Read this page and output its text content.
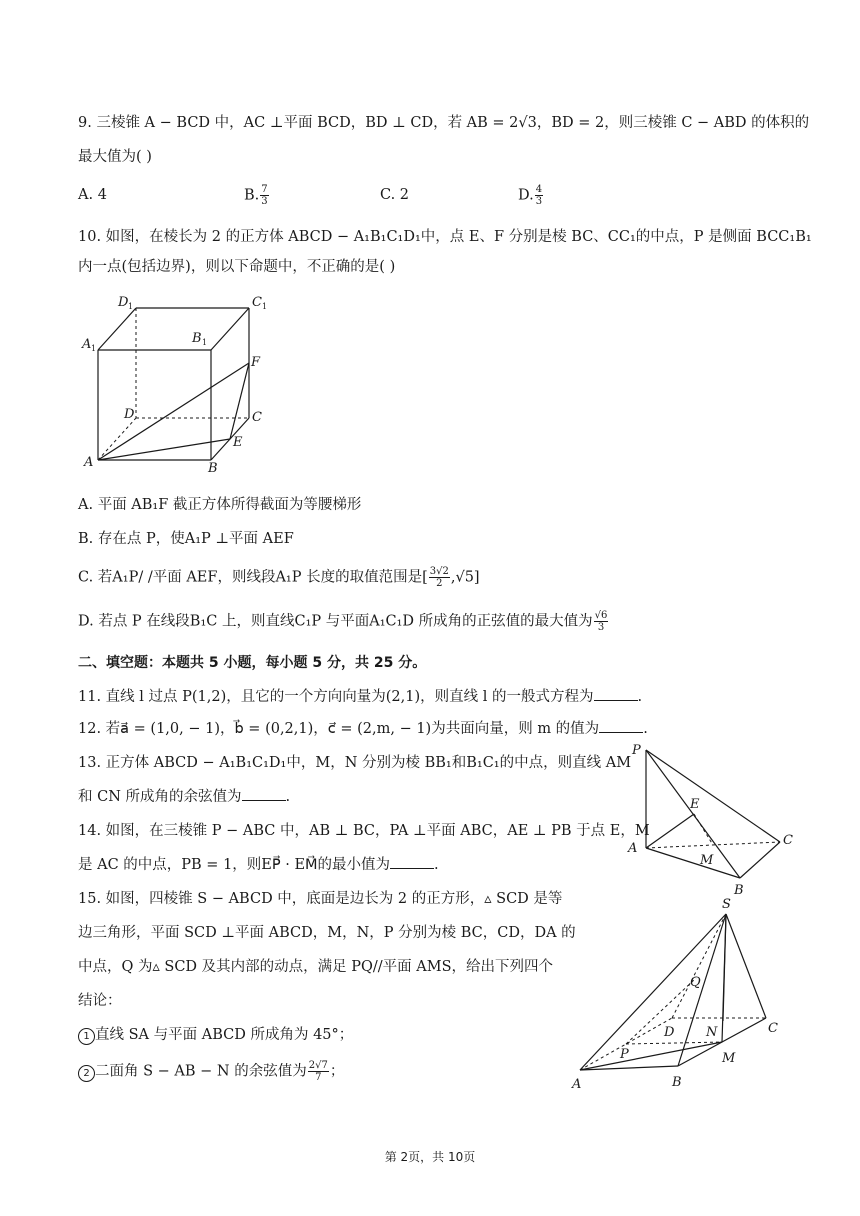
9. 三棱锥 A − BCD 中，AC ⊥平面 BCD，BD ⊥ CD，若 AB = 2√3，BD = 2，则三棱锥 C − ABD 的体积的
最大值为( )
A. 4	B. $\frac{7}{3}$	C. 2	D. $\frac{4}{3}$
10. 如图，在棱长为 2 的正方体 ABCD − A₁B₁C₁D₁中，点 E、F 分别是棱 BC、CC₁的中点，P 是侧面 BCC₁B₁
内一点(包括边界)，则以下命题中，不正确的是( )
D 1	C 1
A 1
B 1
F
D	C
E
A	B
A. 平面 AB₁F 截正方体所得截面为等腰梯形
B. 存在点 P，使A₁P ⊥平面 AEF
C. 若A₁P/ /平面 AEF，则线段A₁P 长度的取值范围是[ $\frac{3√2}{2} ,√5$]
D. 若点 P 在线段B₁C 上，则直线C₁P 与平面A₁C₁D 所成角的正弦值的最大值为 $\frac{√6}{3}$
二、填空题：本题共 5 小题，每小题 5 分，共 25 分。
11. 直线 l 过点 P(1,2)，且它的一个方向向量为(2,1)，则直线 l 的一般式方程为	.
12. 若a⃗ = (1,0, − 1)，b⃗ = (0,2,1)，c⃗ = (2,m, − 1)为共面向量，则 m 的值为	.
13. 正方体 ABCD − A₁B₁C₁D₁中，M，N 分别为棱 BB₁和B₁C₁的中点，则直线 AM
和 CN 所成角的余弦值为	.
14. 如图，在三棱锥 P − ABC 中，AB ⊥ BC，PA ⊥平面 ABC，AE ⊥ PB 于点 E，M
是 AC 的中点，PB = 1，则EP⃗ · EM⃗的最小值为	.
P
E
A
M
C
B
15. 如图，四棱锥 S − ABCD 中，底面是边长为 2 的正方形，▵ SCD 是等
边三角形，平面 SCD ⊥平面 ABCD，M，N，P 分别为棱 BC，CD，DA 的
中点，Q 为▵ SCD 及其内部的动点，满足 PQ//平面 AMS，给出下列四个
结论：
1 直线 SA 与平面 ABCD 所成角为 45°；
2 二面角 S − AB − N 的余弦值为 $\frac{2√7}{7}$ ；
S
Q
D N	C
P	M
A	B
第 2页，共 10页
